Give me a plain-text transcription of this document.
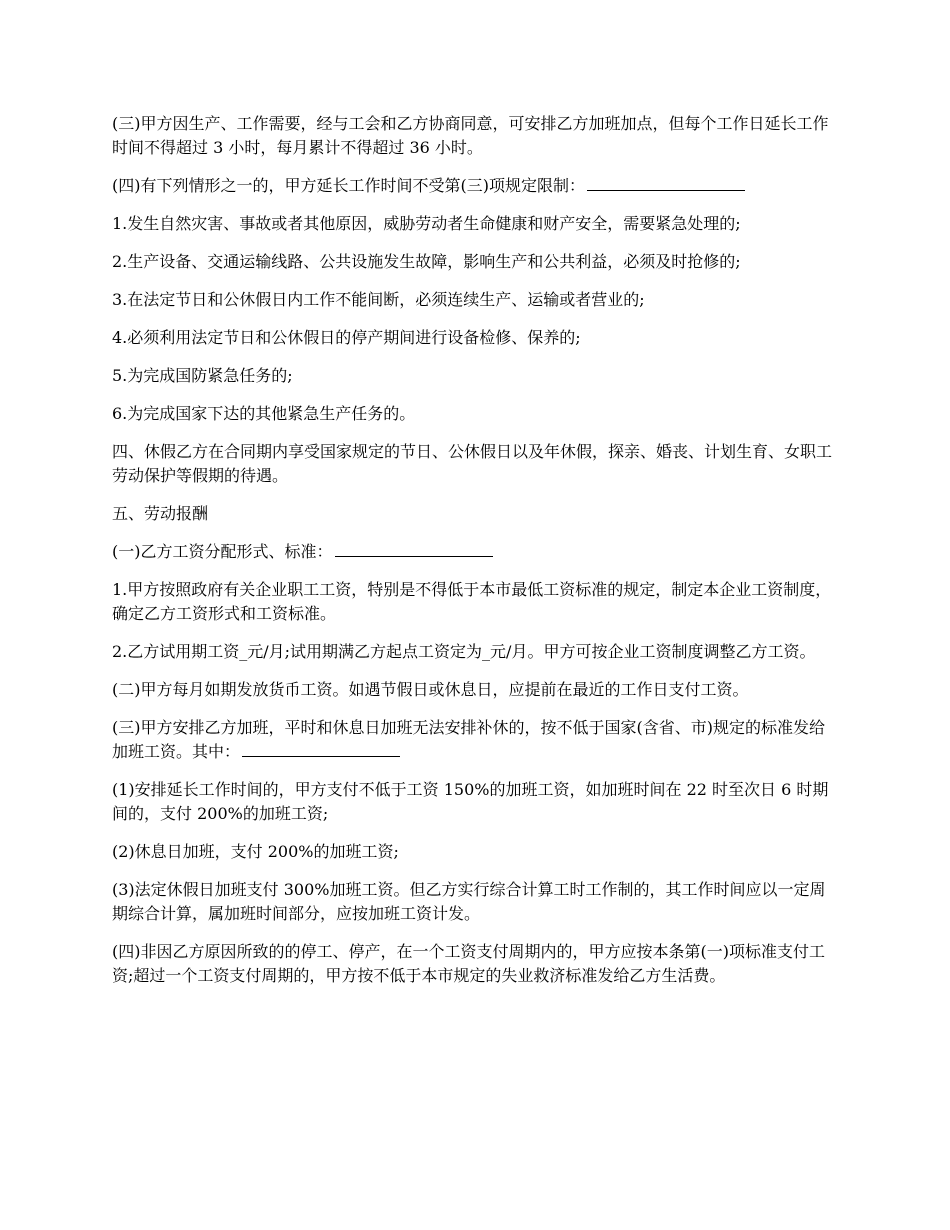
(三)甲方因生产、工作需要，经与工会和乙方协商同意，可安排乙方加班加点，但每个工作日延长工作时间不得超过 3 小时，每月累计不得超过 36 小时。

(四)有下列情形之一的，甲方延长工作时间不受第(三)项规定限制：

1.发生自然灾害、事故或者其他原因，威胁劳动者生命健康和财产安全，需要紧急处理的;

2.生产设备、交通运输线路、公共设施发生故障，影响生产和公共利益，必须及时抢修的;

3.在法定节日和公休假日内工作不能间断，必须连续生产、运输或者营业的;

4.必须利用法定节日和公休假日的停产期间进行设备检修、保养的;

5.为完成国防紧急任务的;

6.为完成国家下达的其他紧急生产任务的。

四、休假乙方在合同期内享受国家规定的节日、公休假日以及年休假，探亲、婚丧、计划生育、女职工劳动保护等假期的待遇。

五、劳动报酬

(一)乙方工资分配形式、标准：

1.甲方按照政府有关企业职工工资，特别是不得低于本市最低工资标准的规定，制定本企业工资制度，确定乙方工资形式和工资标准。

2.乙方试用期工资_元/月;试用期满乙方起点工资定为_元/月。甲方可按企业工资制度调整乙方工资。

(二)甲方每月如期发放货币工资。如遇节假日或休息日，应提前在最近的工作日支付工资。

(三)甲方安排乙方加班，平时和休息日加班无法安排补休的，按不低于国家(含省、市)规定的标准发给加班工资。其中：

(1)安排延长工作时间的，甲方支付不低于工资 150%的加班工资，如加班时间在 22 时至次日 6 时期间的，支付 200%的加班工资;

(2)休息日加班，支付 200%的加班工资;

(3)法定休假日加班支付 300%加班工资。但乙方实行综合计算工时工作制的，其工作时间应以一定周期综合计算，属加班时间部分，应按加班工资计发。

(四)非因乙方原因所致的的停工、停产，在一个工资支付周期内的，甲方应按本条第(一)项标准支付工资;超过一个工资支付周期的，甲方按不低于本市规定的失业救济标准发给乙方生活费。
